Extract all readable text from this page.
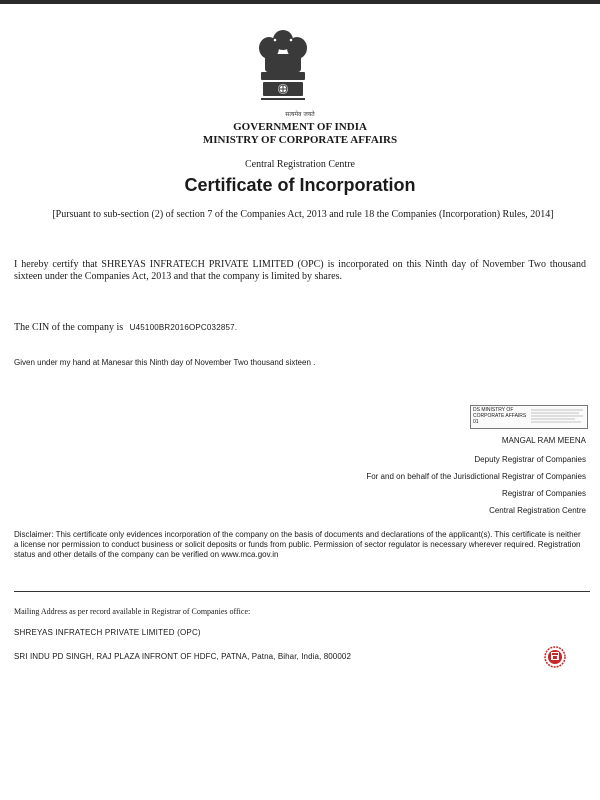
सत्यमेव जयते
GOVERNMENT OF INDIA
MINISTRY OF CORPORATE AFFAIRS
Central Registration Centre
Certificate of Incorporation
[Pursuant to sub-section (2) of section 7 of the Companies Act, 2013 and rule 18 the Companies (Incorporation) Rules, 2014]
I hereby certify that SHREYAS INFRATECH PRIVATE LIMITED (OPC) is incorporated on this Ninth day of November Two thousand sixteen under the Companies Act, 2013 and that the company is limited by shares.
The CIN of the company is U45100BR2016OPC032857.
Given under my hand at Manesar this Ninth day of November Two thousand sixteen .
DS MINISTRY OF CORPORATE AFFAIRS 01
MANGAL RAM MEENA
Deputy Registrar of Companies
For and on behalf of the Jurisdictional Registrar of Companies
Registrar of Companies
Central Registration Centre
Disclaimer: This certificate only evidences incorporation of the company on the basis of documents and declarations of the applicant(s). This certificate is neither a license nor permission to conduct business or solicit deposits or funds from public. Permission of sector regulator is necessary wherever required. Registration status and other details of the company can be verified on www.mca.gov.in
Mailing Address as per record available in Registrar of Companies office:
SHREYAS INFRATECH PRIVATE LIMITED (OPC)
SRI INDU PD SINGH, RAJ PLAZA INFRONT OF HDFC, PATNA, Patna, Bihar, India, 800002
